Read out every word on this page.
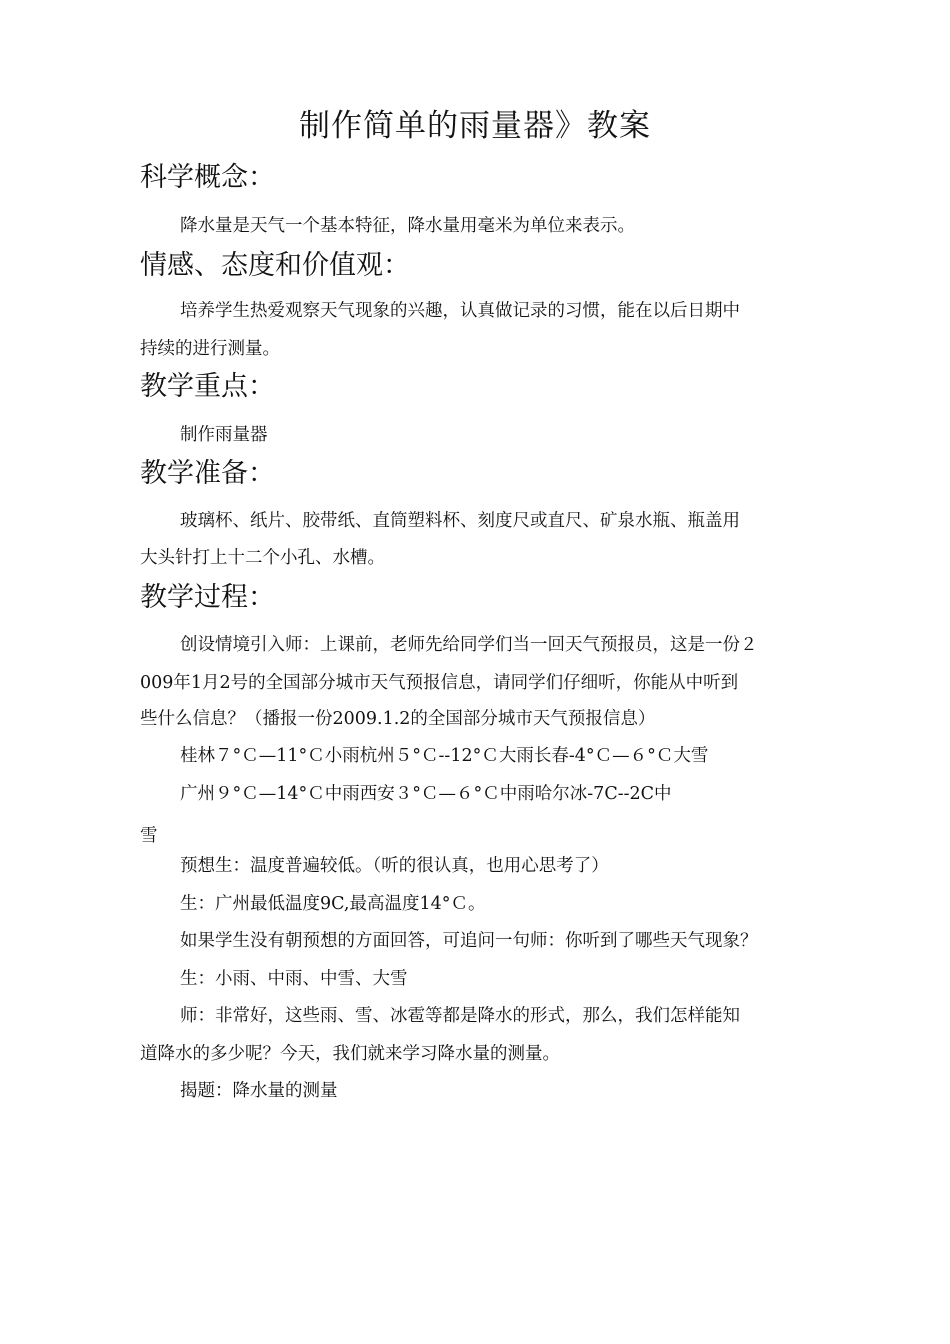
制作简单的雨量器》教案
科学概念：
降水量是天气一个基本特征，降水量用毫米为单位来表示。
情感、态度和价值观：
培养学生热爱观察天气现象的兴趣，认真做记录的习惯，能在以后日期中
持续的进行测量。
教学重点：
制作雨量器
教学准备：
玻璃杯、纸片、胶带纸、直筒塑料杯、刻度尺或直尺、矿泉水瓶、瓶盖用
大头针打上十二个小孔、水槽。
教学过程：
创设情境引入师：上课前，老师先给同学们当一回天气预报员，这是一份２
009年1月2号的全国部分城市天气预报信息，请同学们仔细听，你能从中听到
些什么信息？（播报一份2009.1.2的全国部分城市天气预报信息）
桂林７°Ｃ—11°Ｃ小雨杭州５°Ｃ--12°Ｃ大雨长春-4°Ｃ—６°Ｃ大雪
广州９°Ｃ—14°Ｃ中雨西安３°Ｃ—６°Ｃ中雨哈尔冰-7C--2C中
雪
预想生：温度普遍较低。（听的很认真，也用心思考了）
生：广州最低温度9C,最高温度14°Ｃ。
如果学生没有朝预想的方面回答，可追问一句师：你听到了哪些天气现象？
生：小雨、中雨、中雪、大雪
师：非常好，这些雨、雪、冰雹等都是降水的形式，那么，我们怎样能知
道降水的多少呢？今天，我们就来学习降水量的测量。
揭题：降水量的测量
